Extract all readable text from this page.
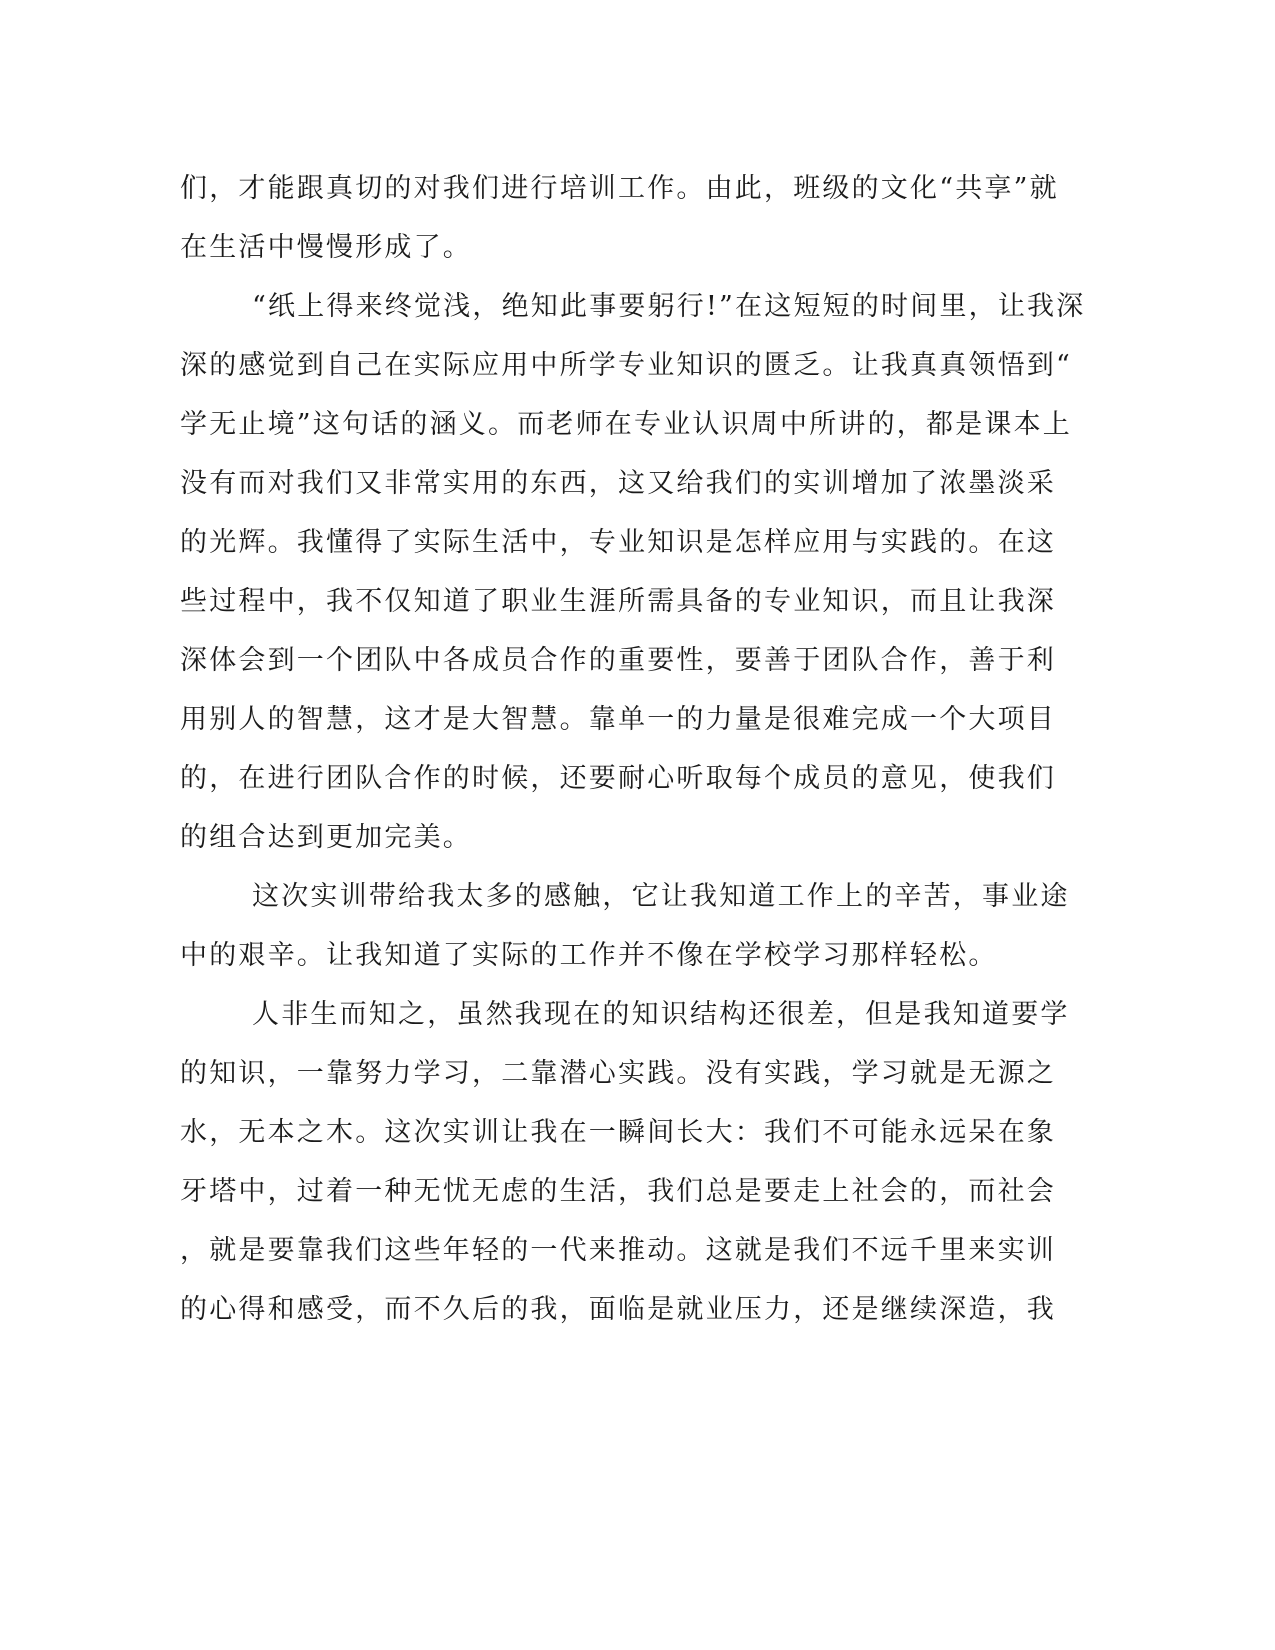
们，才能跟真切的对我们进行培训工作。由此，班级的文化“共享”就
在生活中慢慢形成了。
“纸上得来终觉浅，绝知此事要躬行!”在这短短的时间里，让我深
深的感觉到自己在实际应用中所学专业知识的匮乏。让我真真领悟到“
学无止境”这句话的涵义。而老师在专业认识周中所讲的，都是课本上
没有而对我们又非常实用的东西，这又给我们的实训增加了浓墨淡采
的光辉。我懂得了实际生活中，专业知识是怎样应用与实践的。在这
些过程中，我不仅知道了职业生涯所需具备的专业知识，而且让我深
深体会到一个团队中各成员合作的重要性，要善于团队合作，善于利
用别人的智慧，这才是大智慧。靠单一的力量是很难完成一个大项目
的，在进行团队合作的时候，还要耐心听取每个成员的意见，使我们
的组合达到更加完美。
这次实训带给我太多的感触，它让我知道工作上的辛苦，事业途
中的艰辛。让我知道了实际的工作并不像在学校学习那样轻松。
人非生而知之，虽然我现在的知识结构还很差，但是我知道要学
的知识，一靠努力学习，二靠潜心实践。没有实践，学习就是无源之
水，无本之木。这次实训让我在一瞬间长大：我们不可能永远呆在象
牙塔中，过着一种无忧无虑的生活，我们总是要走上社会的，而社会
，就是要靠我们这些年轻的一代来推动。这就是我们不远千里来实训
的心得和感受，而不久后的我，面临是就业压力，还是继续深造，我
